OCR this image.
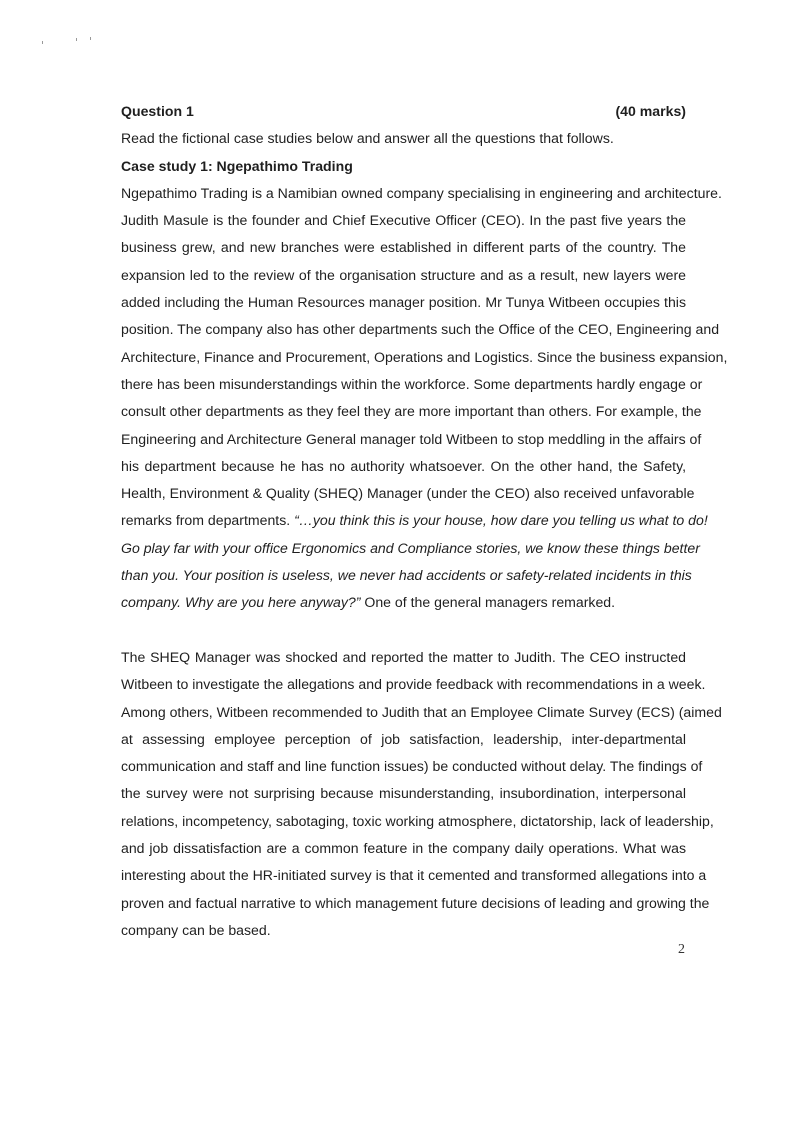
Question 1	(40 marks)
Read the fictional case studies below and answer all the questions that follows.
Case study 1: Ngepathimo Trading
Ngepathimo Trading is a Namibian owned company specialising in engineering and architecture.
Judith Masule is the founder and Chief Executive Officer (CEO). In the past five years the
business grew, and new branches were established in different parts of the country. The
expansion led to the review of the organisation structure and as a result, new layers were
added including the Human Resources manager position. Mr Tunya Witbeen occupies this
position. The company also has other departments such the Office of the CEO, Engineering and
Architecture, Finance and Procurement, Operations and Logistics. Since the business expansion,
there has been misunderstandings within the workforce. Some departments hardly engage or
consult other departments as they feel they are more important than others. For example, the
Engineering and Architecture General manager told Witbeen to stop meddling in the affairs of
his department because he has no authority whatsoever. On the other hand, the Safety,
Health, Environment & Quality (SHEQ) Manager (under the CEO) also received unfavorable
remarks from departments. “…you think this is your house, how dare you telling us what to do!
Go play far with your office Ergonomics and Compliance stories, we know these things better
than you. Your position is useless, we never had accidents or safety-related incidents in this
company. Why are you here anyway?” One of the general managers remarked.
The SHEQ Manager was shocked and reported the matter to Judith. The CEO instructed
Witbeen to investigate the allegations and provide feedback with recommendations in a week.
Among others, Witbeen recommended to Judith that an Employee Climate Survey (ECS) (aimed
at assessing employee perception of job satisfaction, leadership, inter-departmental
communication and staff and line function issues) be conducted without delay. The findings of
the survey were not surprising because misunderstanding, insubordination, interpersonal
relations, incompetency, sabotaging, toxic working atmosphere, dictatorship, lack of leadership,
and job dissatisfaction are a common feature in the company daily operations. What was
interesting about the HR-initiated survey is that it cemented and transformed allegations into a
proven and factual narrative to which management future decisions of leading and growing the
company can be based.
2
